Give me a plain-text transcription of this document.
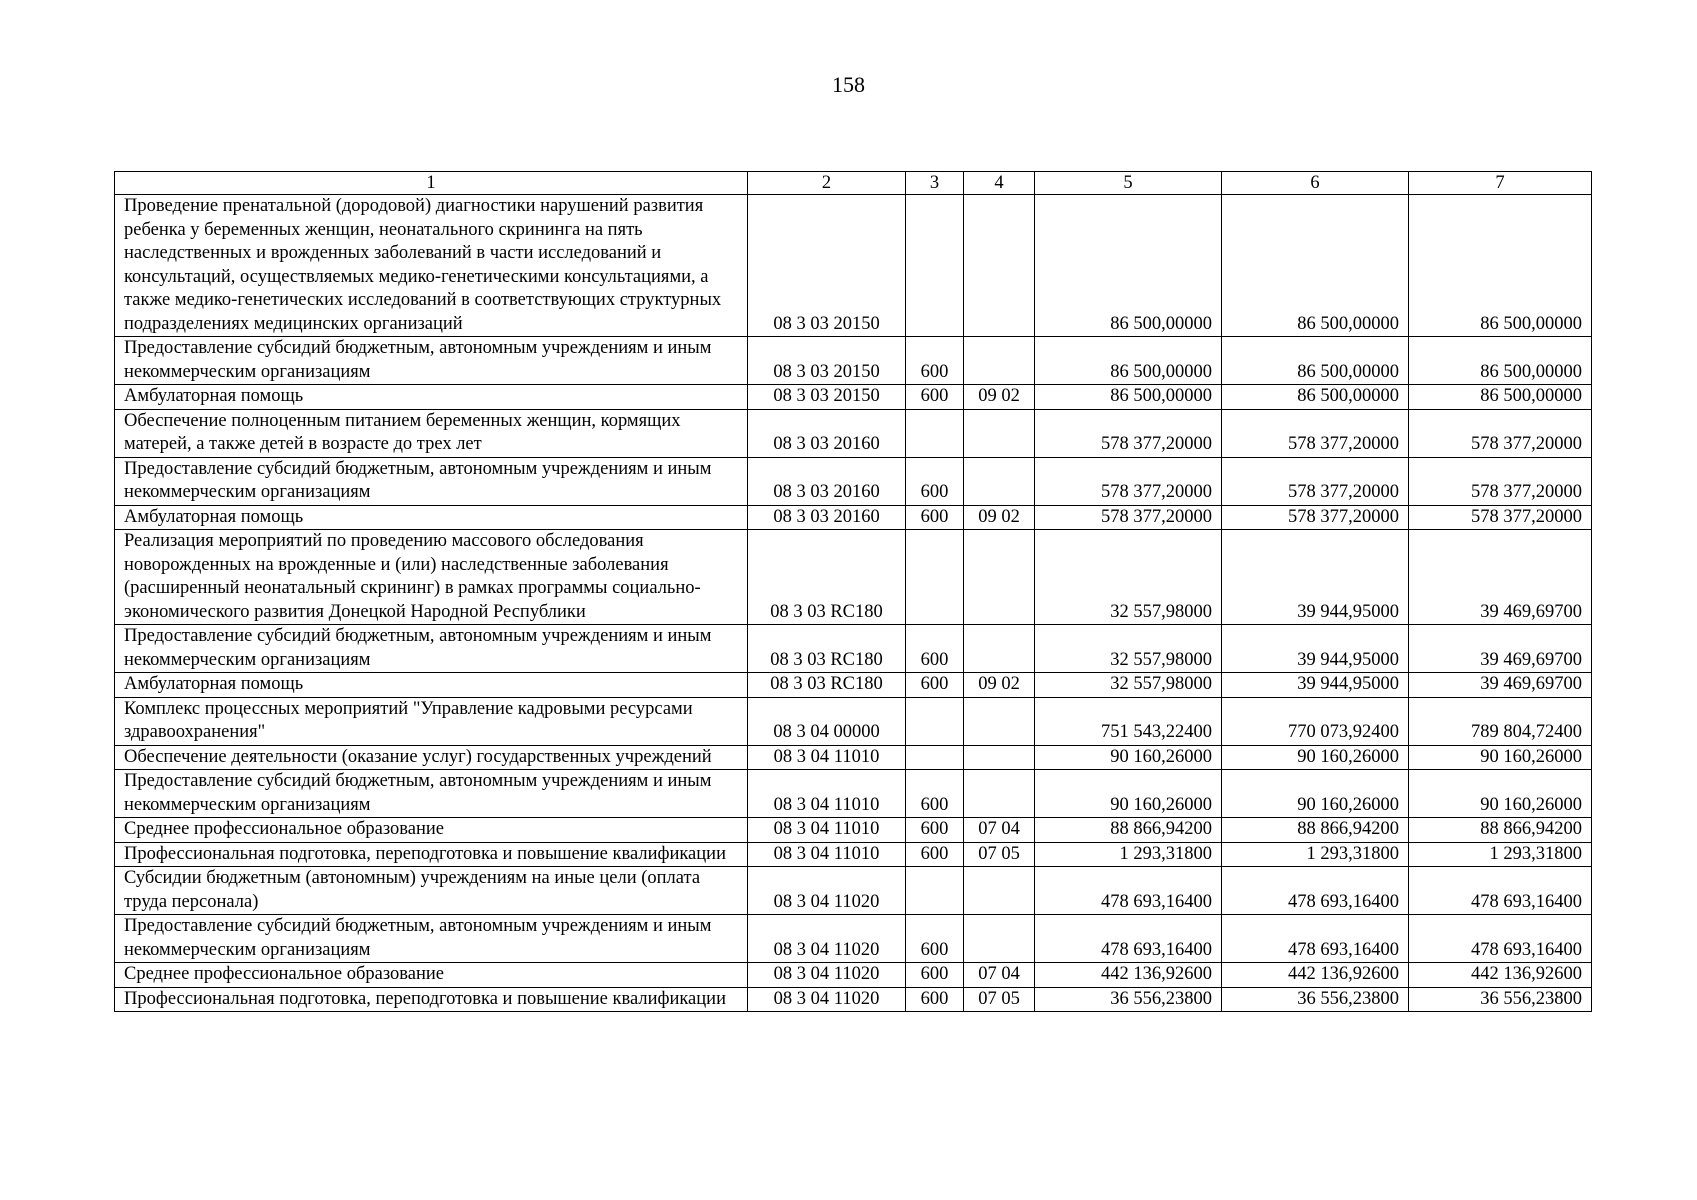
158
1	2	3	4	5	6	7
Проведение пренатальной (дородовой) диагностики нарушений развития ребенка у беременных женщин, неонатального скрининга на пять наследственных и врожденных заболеваний в части исследований и консультаций, осуществляемых медико-генетическими консультациями, а также медико-генетических исследований в соответствующих структурных подразделениях медицинских организаций	08 3 03 20150			86 500,00000	86 500,00000	86 500,00000
Предоставление субсидий бюджетным, автономным учреждениям и иным некоммерческим организациям	08 3 03 20150	600		86 500,00000	86 500,00000	86 500,00000
Амбулаторная помощь	08 3 03 20150	600	09 02	86 500,00000	86 500,00000	86 500,00000
Обеспечение полноценным питанием беременных женщин, кормящих матерей, а также детей в возрасте до трех лет	08 3 03 20160			578 377,20000	578 377,20000	578 377,20000
Предоставление субсидий бюджетным, автономным учреждениям и иным некоммерческим организациям	08 3 03 20160	600		578 377,20000	578 377,20000	578 377,20000
Амбулаторная помощь	08 3 03 20160	600	09 02	578 377,20000	578 377,20000	578 377,20000
Реализация мероприятий по проведению массового обследования новорожденных на врожденные и (или) наследственные заболевания (расширенный неонатальный скрининг) в рамках программы социально-экономического развития Донецкой Народной Республики	08 3 03 RC180			32 557,98000	39 944,95000	39 469,69700
Предоставление субсидий бюджетным, автономным учреждениям и иным некоммерческим организациям	08 3 03 RC180	600		32 557,98000	39 944,95000	39 469,69700
Амбулаторная помощь	08 3 03 RC180	600	09 02	32 557,98000	39 944,95000	39 469,69700
Комплекс процессных мероприятий "Управление кадровыми ресурсами здравоохранения"	08 3 04 00000			751 543,22400	770 073,92400	789 804,72400
Обеспечение деятельности (оказание услуг) государственных учреждений	08 3 04 11010			90 160,26000	90 160,26000	90 160,26000
Предоставление субсидий бюджетным, автономным учреждениям и иным некоммерческим организациям	08 3 04 11010	600		90 160,26000	90 160,26000	90 160,26000
Среднее профессиональное образование	08 3 04 11010	600	07 04	88 866,94200	88 866,94200	88 866,94200
Профессиональная подготовка, переподготовка и повышение квалификации	08 3 04 11010	600	07 05	1 293,31800	1 293,31800	1 293,31800
Субсидии бюджетным (автономным) учреждениям на иные цели (оплата труда персонала)	08 3 04 11020			478 693,16400	478 693,16400	478 693,16400
Предоставление субсидий бюджетным, автономным учреждениям и иным некоммерческим организациям	08 3 04 11020	600		478 693,16400	478 693,16400	478 693,16400
Среднее профессиональное образование	08 3 04 11020	600	07 04	442 136,92600	442 136,92600	442 136,92600
Профессиональная подготовка, переподготовка и повышение квалификации	08 3 04 11020	600	07 05	36 556,23800	36 556,23800	36 556,23800
